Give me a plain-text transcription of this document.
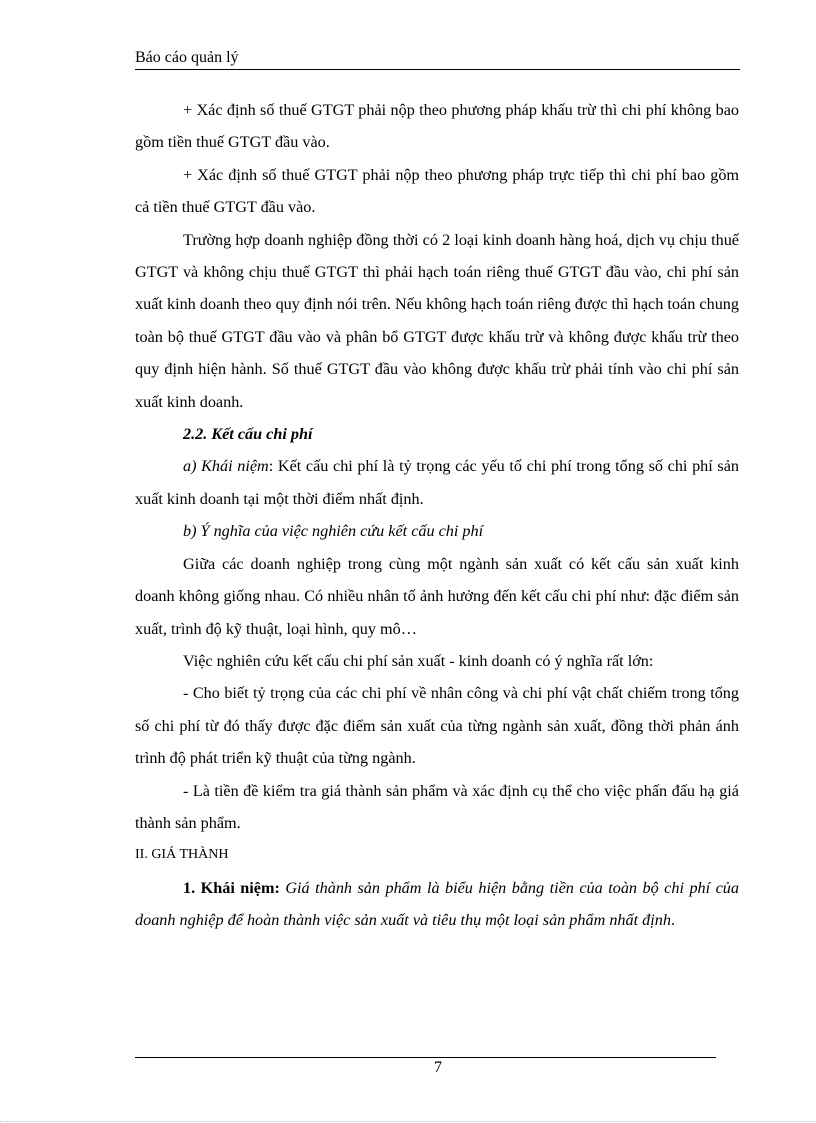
Báo cáo quản lý

+ Xác định số thuế GTGT phải nộp theo phương pháp khấu trừ thì chi phí không bao gồm tiền thuế GTGT đầu vào.

+ Xác định số thuế GTGT phải nộp theo phương pháp trực tiếp thì chi phí bao gồm cả tiền thuế GTGT đầu vào.

Trường hợp doanh nghiệp đồng thời có 2 loại kinh doanh hàng hoá, dịch vụ chịu thuế GTGT và không chịu thuế GTGT thì phải hạch toán riêng thuế GTGT đầu vào, chi phí sản xuất kinh doanh theo quy định nói trên. Nếu không hạch toán riêng được thì hạch toán chung toàn bộ thuế GTGT đầu vào và phân bổ GTGT được khấu trừ và không được khấu trừ theo quy định hiện hành. Số thuế GTGT đầu vào không được khấu trừ phải tính vào chi phí sản xuất kinh doanh.

2.2. Kết cấu chi phí

a) Khái niệm: Kết cấu chi phí là tỷ trọng các yếu tố chi phí trong tổng số chi phí sản xuất kinh doanh tại một thời điểm nhất định.

b) Ý nghĩa của việc nghiên cứu kết cấu chi phí

Giữa các doanh nghiệp trong cùng một ngành sản xuất có kết cấu sản xuất kinh doanh không giống nhau. Có nhiều nhân tố ảnh hưởng đến kết cấu chi phí như: đặc điểm sản xuất, trình độ kỹ thuật, loại hình, quy mô…

Việc nghiên cứu kết cấu chi phí sản xuất - kinh doanh có ý nghĩa rất lớn:

- Cho biết tỷ trọng của các chi phí về nhân công và chi phí vật chất chiếm trong tổng số chi phí từ đó thấy được đặc điểm sản xuất của từng ngành sản xuất, đồng thời phản ánh trình độ phát triển kỹ thuật của từng ngành.

- Là tiền đề kiểm tra giá thành sản phẩm và xác định cụ thể cho việc phấn đấu hạ giá thành sản phẩm.

II. GIÁ THÀNH

1. Khái niệm: Giá thành sản phẩm là biểu hiện bằng tiền của toàn bộ chi phí của doanh nghiệp để hoàn thành việc sản xuất và tiêu thụ một loại sản phẩm nhất định.

7
